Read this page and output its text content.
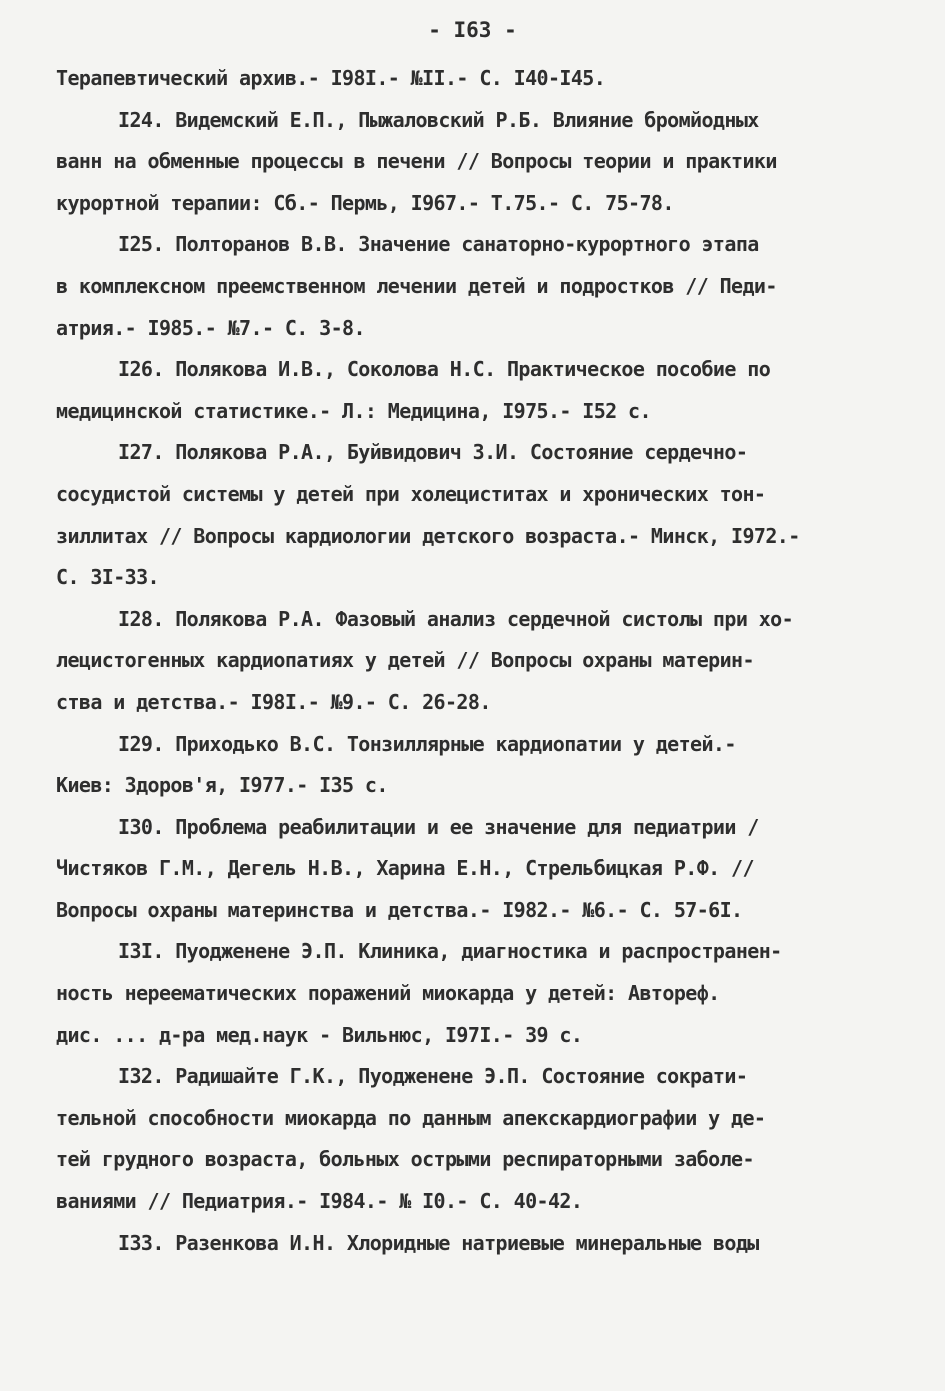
- I63 -
Терапевтический архив.- I98I.- №II.- С. I40-I45.
I24. Видемский Е.П., Пыжаловский Р.Б. Влияние бромйодных
ванн на обменные процессы в печени // Вопросы теории и практики
курортной терапии: Сб.- Пермь, I967.- Т.75.- С. 75-78.
I25. Полторанов В.В. Значение санаторно-курортного этапа
в комплексном преемственном лечении детей и подростков // Педи-
атрия.- I985.- №7.- С. 3-8.
I26. Полякова И.В., Соколова Н.С. Практическое пособие по
медицинской статистике.- Л.: Медицина, I975.- I52 с.
I27. Полякова Р.А., Буйвидович З.И. Состояние сердечно-
сосудистой системы у детей при холециститах и хронических тон-
зиллитах // Вопросы кардиологии детского возраста.- Минск, I972.-
С. 3I-33.
I28. Полякова Р.А. Фазовый анализ сердечной систолы при хо-
лецистогенных кардиопатиях у детей // Вопросы охраны материн-
ства и детства.- I98I.- №9.- С. 26-28.
I29. Приходько В.С. Тонзиллярные кардиопатии у детей.-
Киев: Здоров'я, I977.- I35 с.
I30. Проблема реабилитации и ее значение для педиатрии /
Чистяков Г.М., Дегель Н.В., Харина Е.Н., Стрельбицкая Р.Ф. //
Вопросы охраны материнства и детства.- I982.- №6.- С. 57-6I.
I3I. Пуодженене Э.П. Клиника, диагностика и распространен-
ность нереематических поражений миокарда у детей: Автореф.
дис. ... д-ра мед.наук - Вильнюс, I97I.- 39 с.
I32. Радишайте Г.К., Пуодженене Э.П. Состояние сократи-
тельной способности миокарда по данным апекскардиографии у де-
тей грудного возраста, больных острыми респираторными заболе-
ваниями // Педиатрия.- I984.- № I0.- С. 40-42.
I33. Разенкова И.Н. Хлоридные натриевые минеральные воды
